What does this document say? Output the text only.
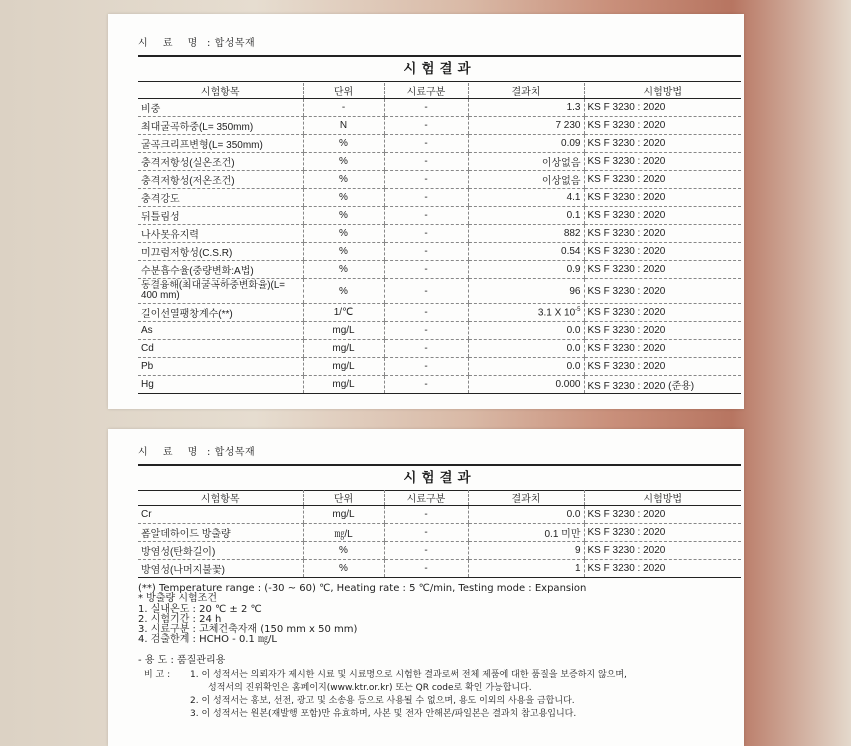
시 료 명 : 합성목재
시험결과
시험항목	단위	시료구분	결과치	시험방법
비중	-	-	1.3	KS F 3230 : 2020
최대굴곡하중(L= 350mm)	N	-	7 230	KS F 3230 : 2020
굴곡크리프변형(L= 350mm)	%	-	0.09	KS F 3230 : 2020
충격저항성(실온조건)	%	-	이상없음	KS F 3230 : 2020
충격저항성(저온조건)	%	-	이상없음	KS F 3230 : 2020
충격강도	%	-	4.1	KS F 3230 : 2020
뒤틀림성	%	-	0.1	KS F 3230 : 2020
나사못유지력	%	-	882	KS F 3230 : 2020
미끄럼저항성(C.S.R)	%	-	0.54	KS F 3230 : 2020
수분흡수율(중량변화:A법)	%	-	0.9	KS F 3230 : 2020
동결융해(최대굴곡하중변화율)(L= 400 mm)	%	-	96	KS F 3230 : 2020
길이선열팽창계수(**)	1/℃	-	3.1 X $10^{-5}$	KS F 3230 : 2020
As	mg/L	-	0.0	KS F 3230 : 2020
Cd	mg/L	-	0.0	KS F 3230 : 2020
Pb	mg/L	-	0.0	KS F 3230 : 2020
Hg	mg/L	-	0.000	KS F 3230 : 2020 (준용)
시 료 명 : 합성목재
시험결과
시험항목	단위	시료구분	결과치	시험방법
Cr	mg/L	-	0.0	KS F 3230 : 2020
폼알데하이드 방출량	㎎/L	-	0.1 미만	KS F 3230 : 2020
방염성(탄화길이)	%	-	9	KS F 3230 : 2020
방염성(나머지불꽃)	%	-	1	KS F 3230 : 2020
(**) Temperature range : (-30 ~ 60) ℃, Heating rate : 5 ℃/min, Testing mode : Expansion
* 방출량 시험조건
1. 실내온도 : 20 ℃ ± 2 ℃
2. 시험기간 : 24 h
3. 시료구분 : 고체건축자재 (150 mm x 50 mm)
4. 검출한계 : HCHO - 0.1 ㎎/L
- 용 도 : 품질관리용
비 고 :	1. 이 성적서는 의뢰자가 제시한 시료 및 시료명으로 시험한 결과로써 전체 제품에 대한 품질을 보증하지 않으며,
성적서의 진위확인은 홈페이지(www.ktr.or.kr) 또는 QR code로 확인 가능합니다.
2. 이 성적서는 홍보, 선전, 광고 및 소송용 등으로 사용될 수 없으며, 용도 이외의 사용을 금합니다.
3. 이 성적서는 원본(재발행 포함)만 유효하며, 사본 및 전자 안해본/파일본은 결과치 참고용입니다.
